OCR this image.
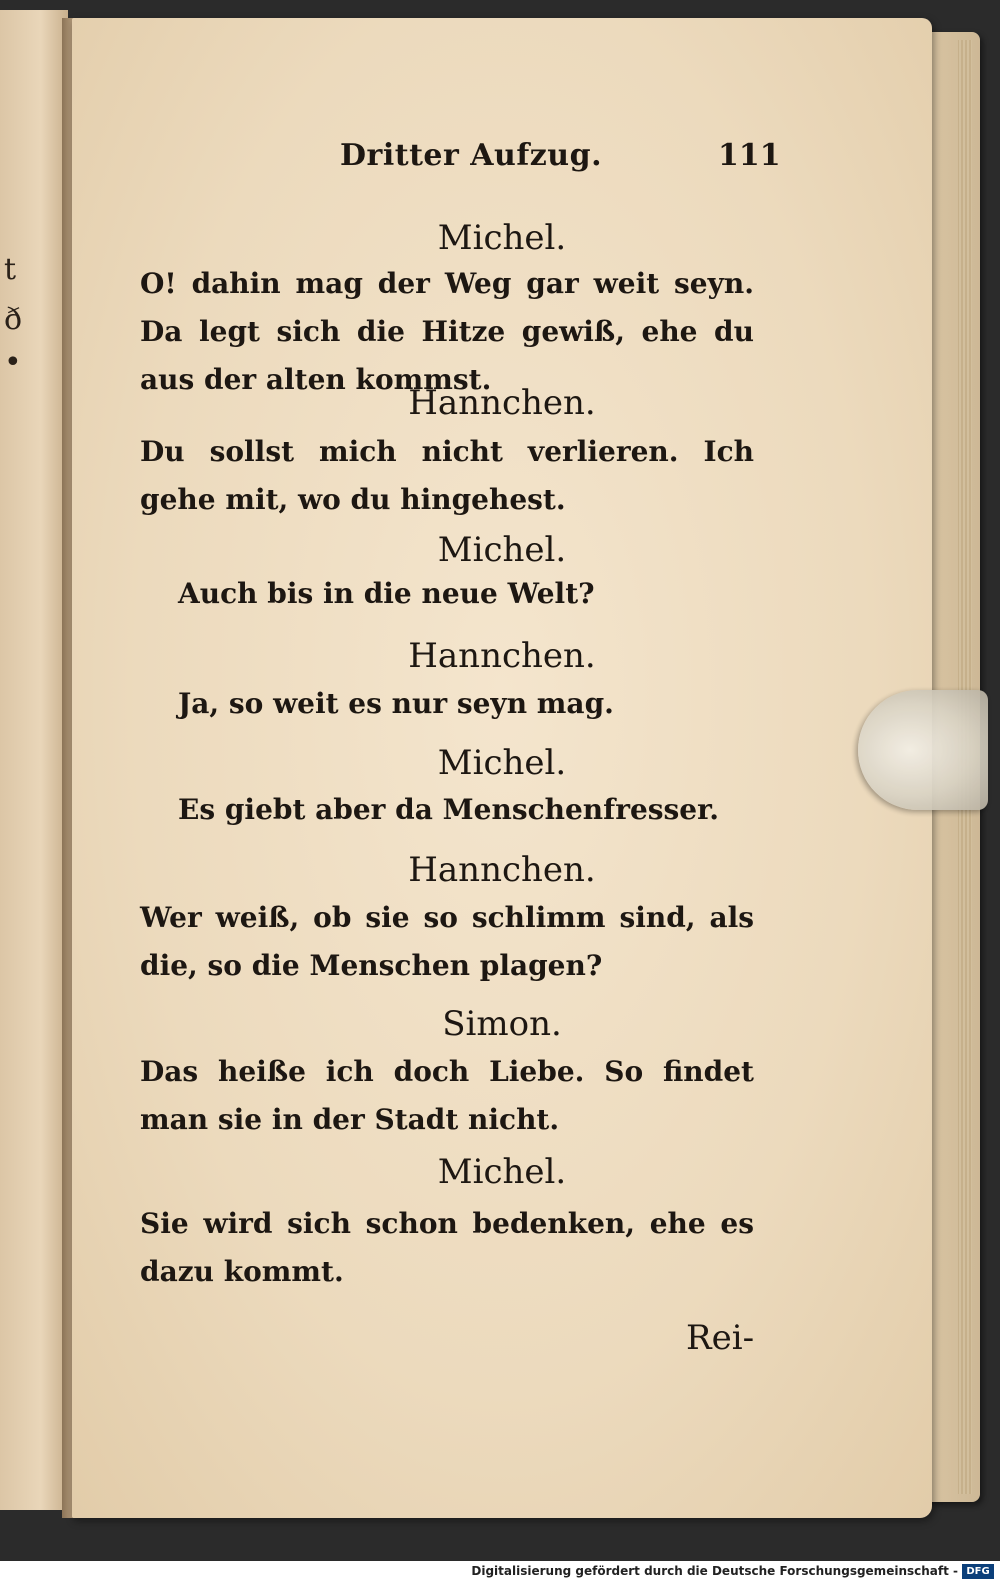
t
ð
•
Dritter Aufzug.	111
Michel.
O! dahin mag der Weg gar weit seyn. Da legt sich die Hitze gewiß, ehe du aus der alten kommst.
Hannchen.
Du sollst mich nicht verlieren. Ich gehe mit, wo du hingehest.
Michel.
Auch bis in die neue Welt?
Hannchen.
Ja, so weit es nur seyn mag.
Michel.
Es giebt aber da Menschenfresser.
Hannchen.
Wer weiß, ob sie so schlimm sind, als die, so die Menschen plagen?
Simon.
Das heiße ich doch Liebe. So findet man sie in der Stadt nicht.
Michel.
Sie wird sich schon bedenken, ehe es dazu kommt.
Rei-
Digitalisierung gefördert durch die Deutsche Forschungsgemeinschaft - DFG
